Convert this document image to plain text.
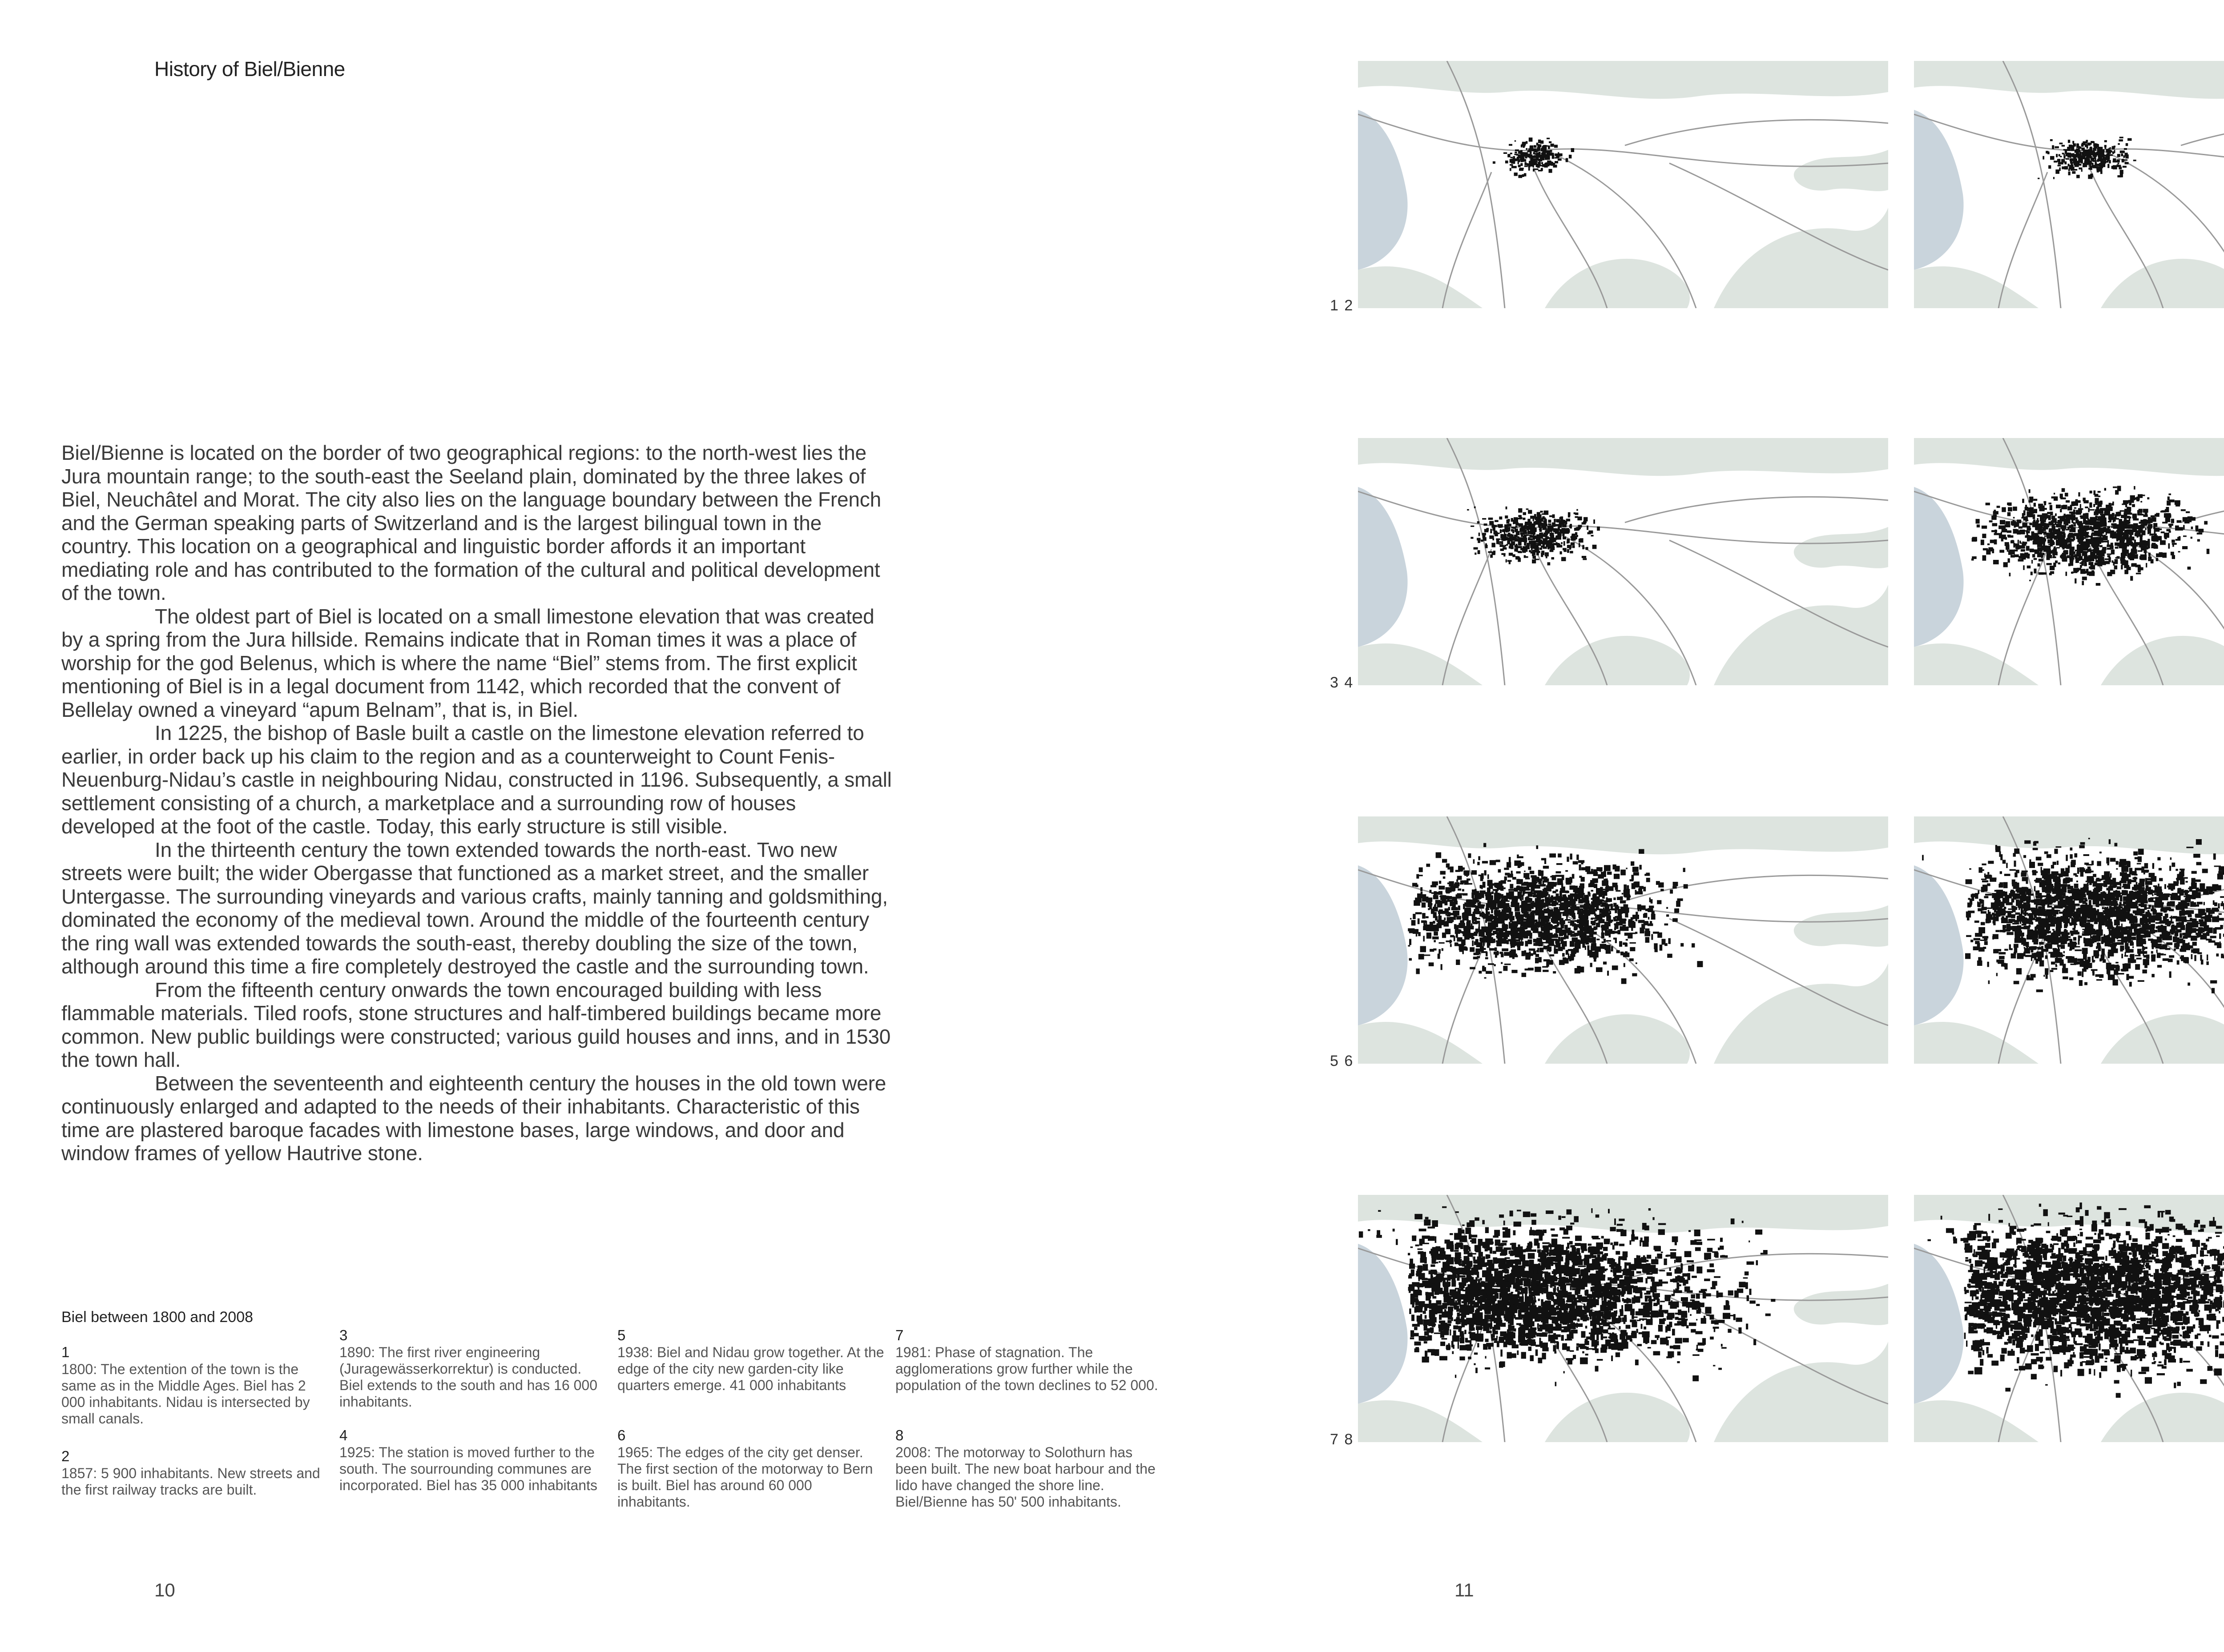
History of Biel/Bienne

Biel/Bienne is located on the border of two geographical regions: to the north-west lies the Jura mountain range; to the south-east the Seeland plain, dominated by the three lakes of Biel, Neuchâtel and Morat. The city also lies on the language boundary between the French and the German speaking parts of Switzerland and is the largest bilingual town in the country. This location on a geographical and linguistic border affords it an important mediating role and has contributed to the formation of the cultural and political development of the town.

The oldest part of Biel is located on a small limestone elevation that was created by a spring from the Jura hillside. Remains indicate that in Roman times it was a place of worship for the god Belenus, which is where the name “Biel” stems from. The first explicit mentioning of Biel is in a legal document from 1142, which recorded that the convent of Bellelay owned a vineyard “apum Belnam”, that is, in Biel.

In 1225, the bishop of Basle built a castle on the limestone elevation referred to earlier, in order back up his claim to the region and as a counterweight to Count Fenis-Neuenburg-Nidau’s castle in neighbouring Nidau, constructed in 1196. Subsequently, a small settlement consisting of a church, a marketplace and a surrounding row of houses developed at the foot of the castle. Today, this early structure is still visible.

In the thirteenth century the town extended towards the north-east. Two new streets were built; the wider Obergasse that functioned as a market street, and the smaller Untergasse. The surrounding vineyards and various crafts, mainly tanning and goldsmithing, dominated the economy of the medieval town. Around the middle of the fourteenth century the ring wall was extended towards the south-east, thereby doubling the size of the town, although around this time a fire completely destroyed the castle and the surrounding town.

From the fifteenth century onwards the town encouraged building with less flammable materials. Tiled roofs, stone structures and half-timbered buildings became more common. New public buildings were constructed; various guild houses and inns, and in 1530 the town hall.

Between the seventeenth and eighteenth century the houses in the old town were continuously enlarged and adapted to the needs of their inhabitants. Characteristic of this time are plastered baroque facades with limestone bases, large windows, and door and window frames of yellow Hautrive stone.

Biel between 1800 and 2008
1
1800: The extention of the town is the same as in the Middle Ages. Biel has 2 000 inhabitants. Nidau is intersected by small canals.
2
1857: 5 900 inhabitants. New streets and the first railway tracks are built.
3
1890: The first river engineering (Juragewässerkorrektur) is conducted. Biel extends to the south and has 16 000 inhabitants.
4
1925: The station is moved further to the south. The sourrounding communes are incorporated. Biel has 35 000 inhabitants
5
1938: Biel and Nidau grow together. At the edge of the city new garden-city like quarters emerge. 41 000 inhabitants
6
1965: The edges of the city get denser. The first section of the motorway to Bern is built. Biel has around 60 000 inhabitants.
7
1981: Phase of stagnation. The agglomerations grow further while the population of the town declines to 52 000.
8
2008: The motorway to Solothurn has been built. The new boat harbour and the lido have changed the shore line. Biel/Bienne has 50' 500 inhabitants.
10
1 2
3 4
5 6
7 8
11
